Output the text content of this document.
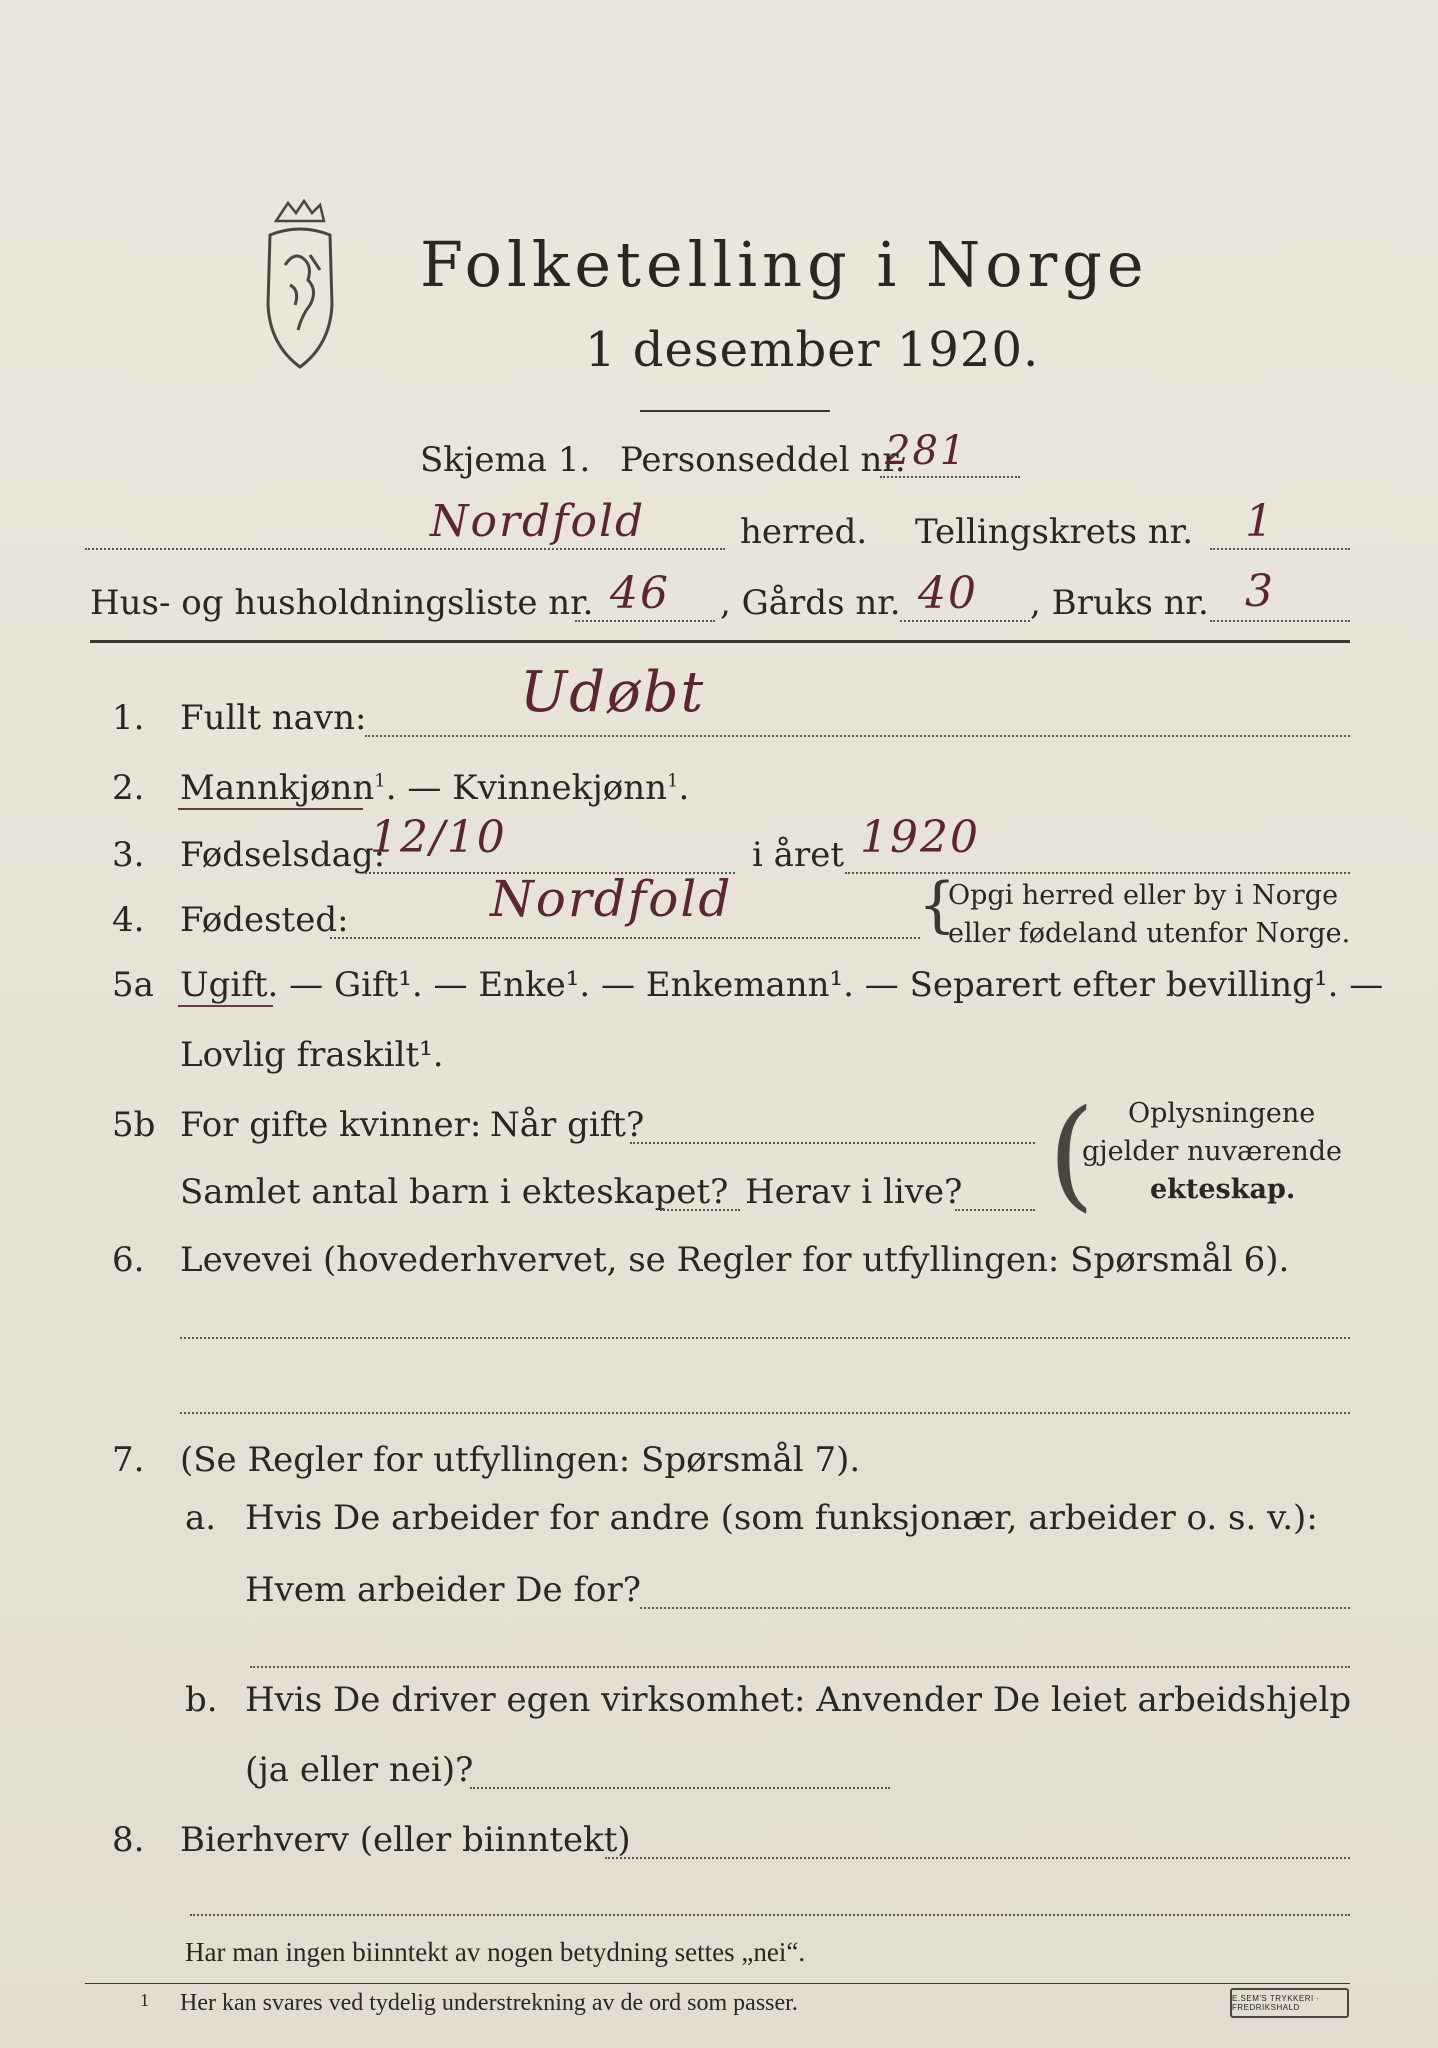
Folketelling i Norge
1 desember 1920.
Skjema 1. Personseddel nr.
281
Nordfold	herred. Tellingskrets nr. 1
Hus- og husholdningsliste nr. 46 , Gårds nr. 40 , Bruks nr. 3
1. Fullt navn:	Udøbt
2. Mannkjønn$^1$. — Kvinnekjønn$^1$.
3. Fødselsdag:
12/10	i året 1920
4. Fødested:	Nordfold	{
Opgi herred eller by i Norge
eller fødeland utenfor Norge.
5a Ugift. — Gift¹. — Enke¹. — Enkemann¹. — Separert efter bevilling¹. —
Lovlig fraskilt¹.
5b For gifte kvinner: Når gift?
Samlet antal barn i ekteskapet? Herav i live? ( Oplysningene
gjelder nuværende
ekteskap.
6. Levevei (hovederhvervet, se Regler for utfyllingen: Spørsmål 6).
7. (Se Regler for utfyllingen: Spørsmål 7).
a. Hvis De arbeider for andre (som funksjonær, arbeider o. s. v.):
Hvem arbeider De for?
b. Hvis De driver egen virksomhet: Anvender De leiet arbeidshjelp
(ja eller nei)?
8. Bierhverv (eller biinntekt)
Har man ingen biinntekt av nogen betydning settes „nei“.
1 Her kan svares ved tydelig understrekning av de ord som passer.	E.SEM'S TRYKKERI · FREDRIKSHALD
